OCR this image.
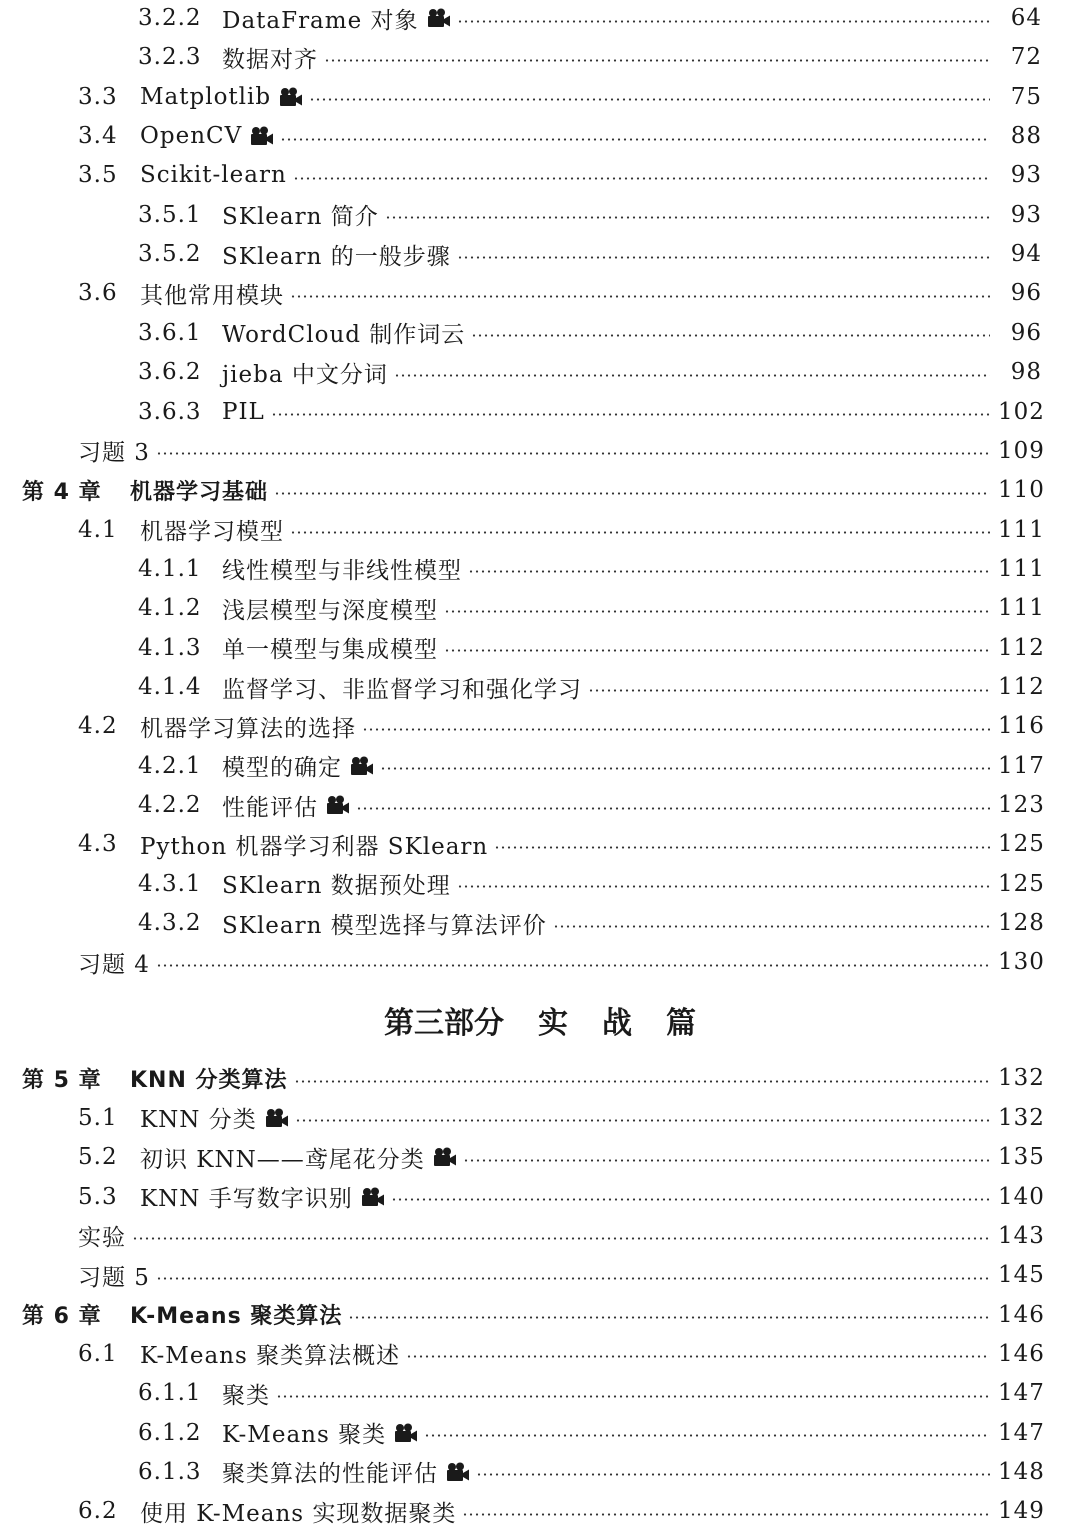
3.2.2 DataFrame 对象	64
3.2.3 数据对齐	72
3.3 Matplotlib	75
3.4 OpenCV	88
3.5 Scikit-learn	93
3.5.1 SKlearn 简介	93
3.5.2 SKlearn 的一般步骤	94
3.6 其他常用模块	96
3.6.1 WordCloud 制作词云	96
3.6.2 jieba 中文分词	98
3.6.3 PIL	102
习题 3	109
第 4 章	机器学习基础	110
4.1 机器学习模型	111
4.1.1 线性模型与非线性模型	111
4.1.2 浅层模型与深度模型	111
4.1.3 单一模型与集成模型	112
4.1.4 监督学习、非监督学习和强化学习	112
4.2 机器学习算法的选择	116
4.2.1 模型的确定	117
4.2.2 性能评估	123
4.3 Python 机器学习利器 SKlearn	125
4.3.1 SKlearn 数据预处理	125
4.3.2 SKlearn 模型选择与算法评价	128
习题 4	130
第 5 章	KNN 分类算法	132
5.1 KNN 分类	132
5.2 初识 KNN——鸢尾花分类	135
5.3 KNN 手写数字识别	140
实验	143
习题 5	145
第 6 章	K-Means 聚类算法	146
6.1 K-Means 聚类算法概述	146
6.1.1 聚类	147
6.1.2 K-Means 聚类	147
6.1.3 聚类算法的性能评估	148
6.2 使用 K-Means 实现数据聚类	149
第三部分 实 战 篇
